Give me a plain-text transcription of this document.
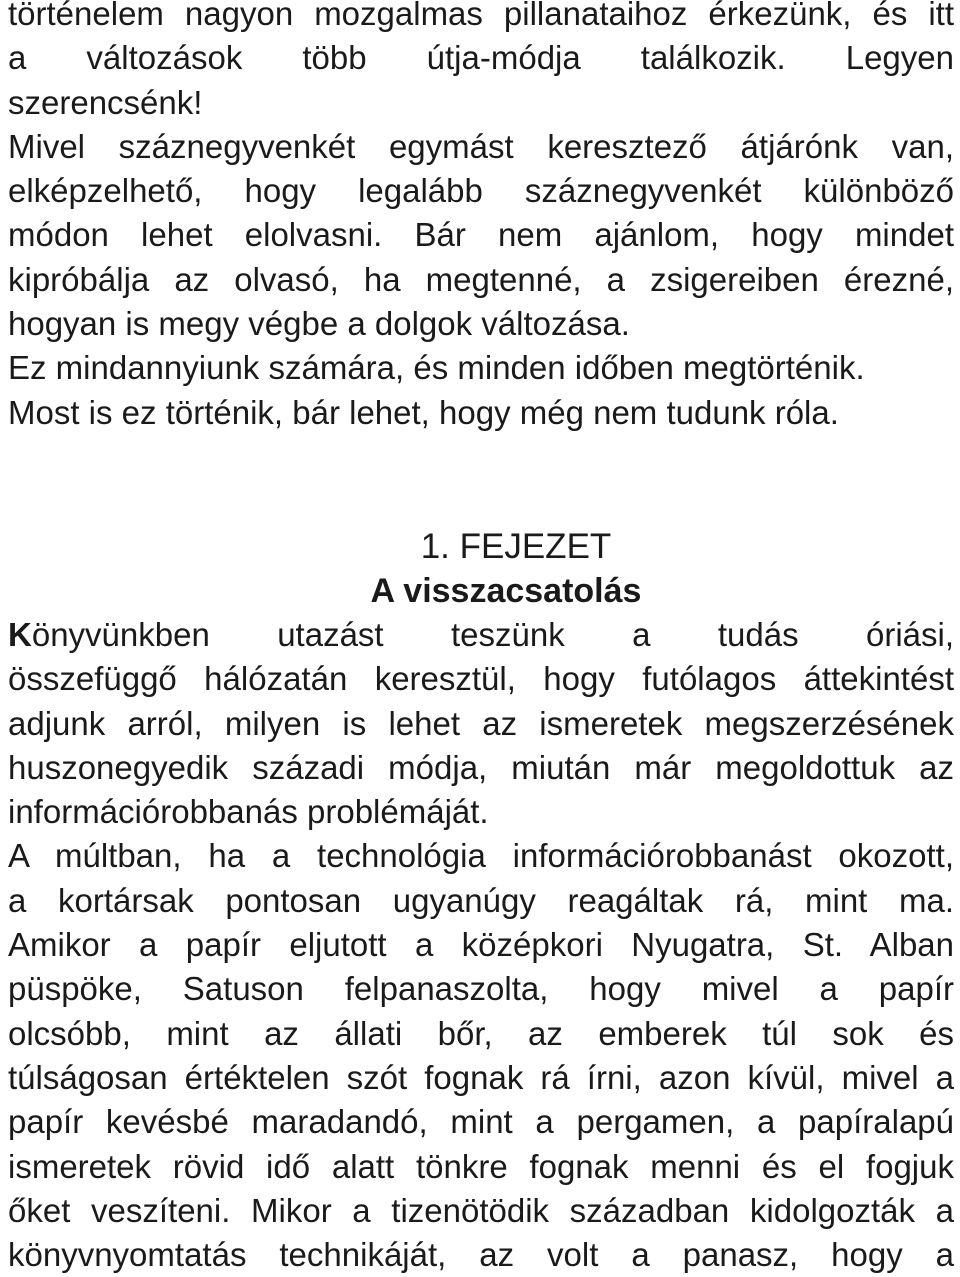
történelem nagyon mozgalmas pillanataihoz érkezünk, és itt
a változások több útja-módja találkozik. Legyen
szerencsénk!
Mivel száznegyvenkét egymást keresztező átjárónk van,
elképzelhető, hogy legalább száznegyvenkét különböző
módon lehet elolvasni. Bár nem ajánlom, hogy mindet
kipróbálja az olvasó, ha megtenné, a zsigereiben érezné,
hogyan is megy végbe a dolgok változása.
Ez mindannyiunk számára, és minden időben megtörténik.
Most is ez történik, bár lehet, hogy még nem tudunk róla.
1. FEJEZET
A visszacsatolás
Könyvünkben utazást teszünk a tudás óriási,
összefüggő hálózatán keresztül, hogy futólagos áttekintést
adjunk arról, milyen is lehet az ismeretek megszerzésének
huszonegyedik századi módja, miután már megoldottuk az
információrobbanás problémáját.
A múltban, ha a technológia információrobbanást okozott,
a kortársak pontosan ugyanúgy reagáltak rá, mint ma.
Amikor a papír eljutott a középkori Nyugatra, St. Alban
püspöke, Satuson felpanaszolta, hogy mivel a papír
olcsóbb, mint az állati bőr, az emberek túl sok és
túlságosan értéktelen szót fognak rá írni, azon kívül, mivel a
papír kevésbé maradandó, mint a pergamen, a papíralapú
ismeretek rövid idő alatt tönkre fognak menni és el fogjuk
őket veszíteni. Mikor a tizenötödik században kidolgozták a
könyvnyomtatás technikáját, az volt a panasz, hogy a
